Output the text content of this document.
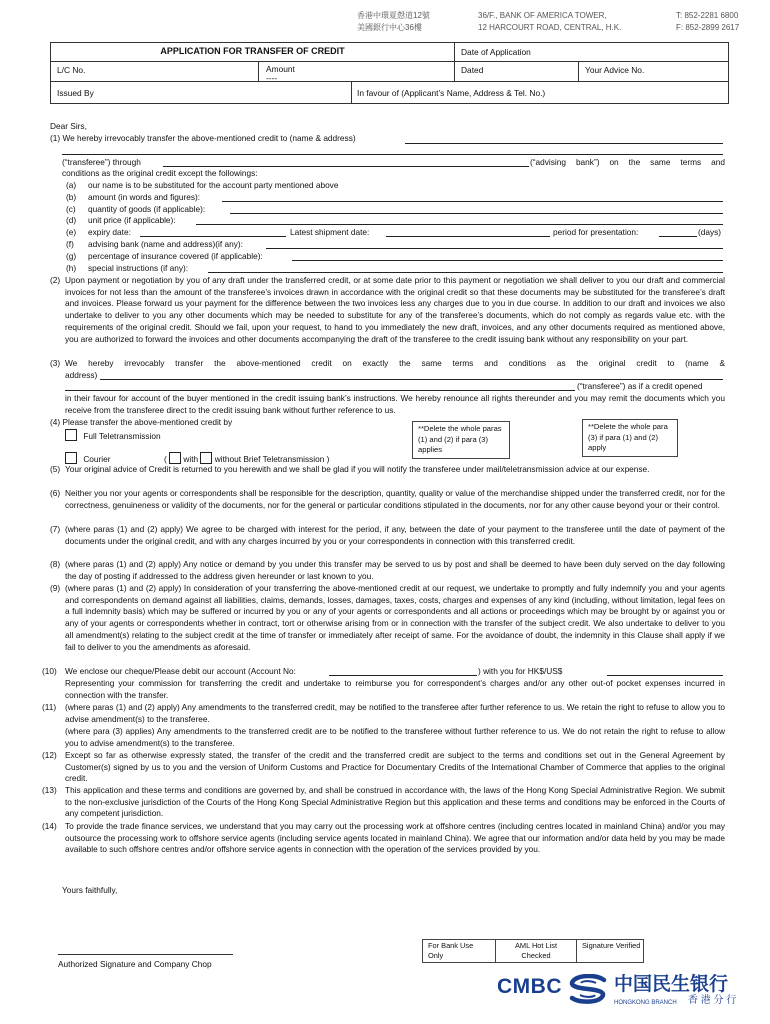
香港中環夏慤道12號
美國銀行中心36樓
36/F., BANK OF AMERICA TOWER,
12 HARCOURT ROAD, CENTRAL, H.K.
T: 852-2281 6800
F: 852-2899 2617
APPLICATION FOR TRANSFER OF CREDIT	Date of Application
L/C No.	Amount
----
Dated	Your Advice No.
Issued By	In favour of (Applicant’s Name, Address & Tel. No.)
Dear Sirs,
(1) We hereby irrevocably transfer the above-mentioned credit to (name & address)
(“transferee”) through	(“advising bank”) on the same terms and
conditions as the original credit except the followings:
(a) our name is to be substituted for the account party mentioned above
(b) amount (in words and figures):
(c) quantity of goods (if applicable):
(d) unit price (if applicable):
(e) expiry date:	Latest shipment date:	period for presentation:	(days)
(f) advising bank (name and address)(if any):
(g) percentage of insurance covered (if applicable):
(h) special instructions (if any):
(2) Upon payment or negotiation by you of any draft under the transferred credit, or at some date prior to this payment or negotiation we shall deliver to you our draft and commercial invoices for not less than the amount of the transferee’s invoices drawn in accordance with the original credit so that these documents may be substituted for the transferee’s draft and invoices. Please forward us your payment for the difference between the two invoices less any charges due to you in due course. In addition to our draft and invoices we also undertake to deliver to you any other documents which may be needed to substitute for any of the transferee’s documents, which do not comply as regards value etc. with the requirements of the original credit. Should we fail, upon your request, to hand to you immediately the new draft, invoices, and any other documents required as mentioned above, you are authorized to forward the invoices and other documents accompanying the draft of the transferee to the credit issuing bank without any responsibility on your part.
(3) We hereby irrevocably transfer the above-mentioned credit on exactly the same terms and conditions as the original credit to (name &
address)
(“transferee”) as if a credit opened
in their favour for account of the buyer mentioned in the credit issuing bank’s instructions. We hereby renounce all rights thereunder and you may remit the documents which you receive from the transferee direct to the credit issuing bank without further reference to us.
(4) Please transfer the above-mentioned credit by
Full Teletransmission
Courier	( with without Brief Teletransmission )
**Delete the whole paras (1) and (2) if para (3) applies
**Delete the whole para (3) if para (1) and (2) apply
(5) Your original advice of Credit is returned to you herewith and we shall be glad if you will notify the transferee under mail/teletransmission advice at our expense.
(6) Neither you nor your agents or correspondents shall be responsible for the description, quantity, quality or value of the merchandise shipped under the transferred credit, nor for the correctness, genuineness or validity of the documents, nor for the general or particular conditions stipulated in the documents, nor for any other cause beyond your or their control.
(7) (where paras (1) and (2) apply) We agree to be charged with interest for the period, if any, between the date of your payment to the transferee until the date of payment of the documents under the original credit, and with any charges incurred by you or your correspondents in connection with this transferred credit.
(8) (where paras (1) and (2) apply) Any notice or demand by you under this transfer may be served to us by post and shall be deemed to have been duly served on the day following the day of posting if addressed to the address given hereunder or last known to you.
(9) (where paras (1) and (2) apply) In consideration of your transferring the above-mentioned credit at our request, we undertake to promptly and fully indemnify you and your agents and correspondents on demand against all liabilities, claims, demands, losses, damages, taxes, costs, charges and expenses of any kind (including, without limitation, legal fees on a full indemnity basis) which may be suffered or incurred by you or any of your agents or correspondents and all actions or proceedings which may be brought by or against you or any of your agents or correspondents whether in contract, tort or otherwise arising from or in connection with the transfer of the subject credit. We also undertake to deliver to you all amendment(s) relating to the subject credit at the time of transfer or immediately after receipt of same. For the avoidance of doubt, the indemnity in this Clause shall apply if we fail to deliver to you the amendments as aforesaid.
(10) We enclose our cheque/Please debit our account (Account No:	) with you for HK$/US$
Representing your commission for transferring the credit and undertake to reimburse you for correspondent’s charges and/or any other out-of pocket expenses incurred in connection with the transfer.
(11) (where paras (1) and (2) apply) Any amendments to the transferred credit, may be notified to the transferee after further reference to us. We retain the right to refuse to allow you to advise amendment(s) to the transferee.
(where para (3) applies) Any amendments to the transferred credit are to be notified to the transferee without further reference to us. We do not retain the right to refuse to allow you to advise amendment(s) to the transferee.
(12) Except so far as otherwise expressly stated, the transfer of the credit and the transferred credit are subject to the terms and conditions set out in the General Agreement by Customer(s) signed by us to you and the version of Uniform Customs and Practice for Documentary Credits of the International Chamber of Commerce that applies to the original credit.
(13) This application and these terms and conditions are governed by, and shall be construed in accordance with, the laws of the Hong Kong Special Administrative Region. We submit to the non-exclusive jurisdiction of the Courts of the Hong Kong Special Administrative Region but this application and these terms and conditions may be enforced in the Courts of any competent jurisdiction.
(14) To provide the trade finance services, we understand that you may carry out the processing work at offshore centres (including centres located in mainland China) and/or you may outsource the processing work to offshore service agents (including service agents located in mainland China). We agree that our information and/or data held by you may be made available to such offshore centres and/or offshore service agents in connection with the operation of the services provided by you.
Yours faithfully,
Authorized Signature and Company Chop
For Bank Use Only
AML Hot List Checked
Signature Verified
CMBC	中国民生银行
HONGKONG BRANCH 香 港 分 行
